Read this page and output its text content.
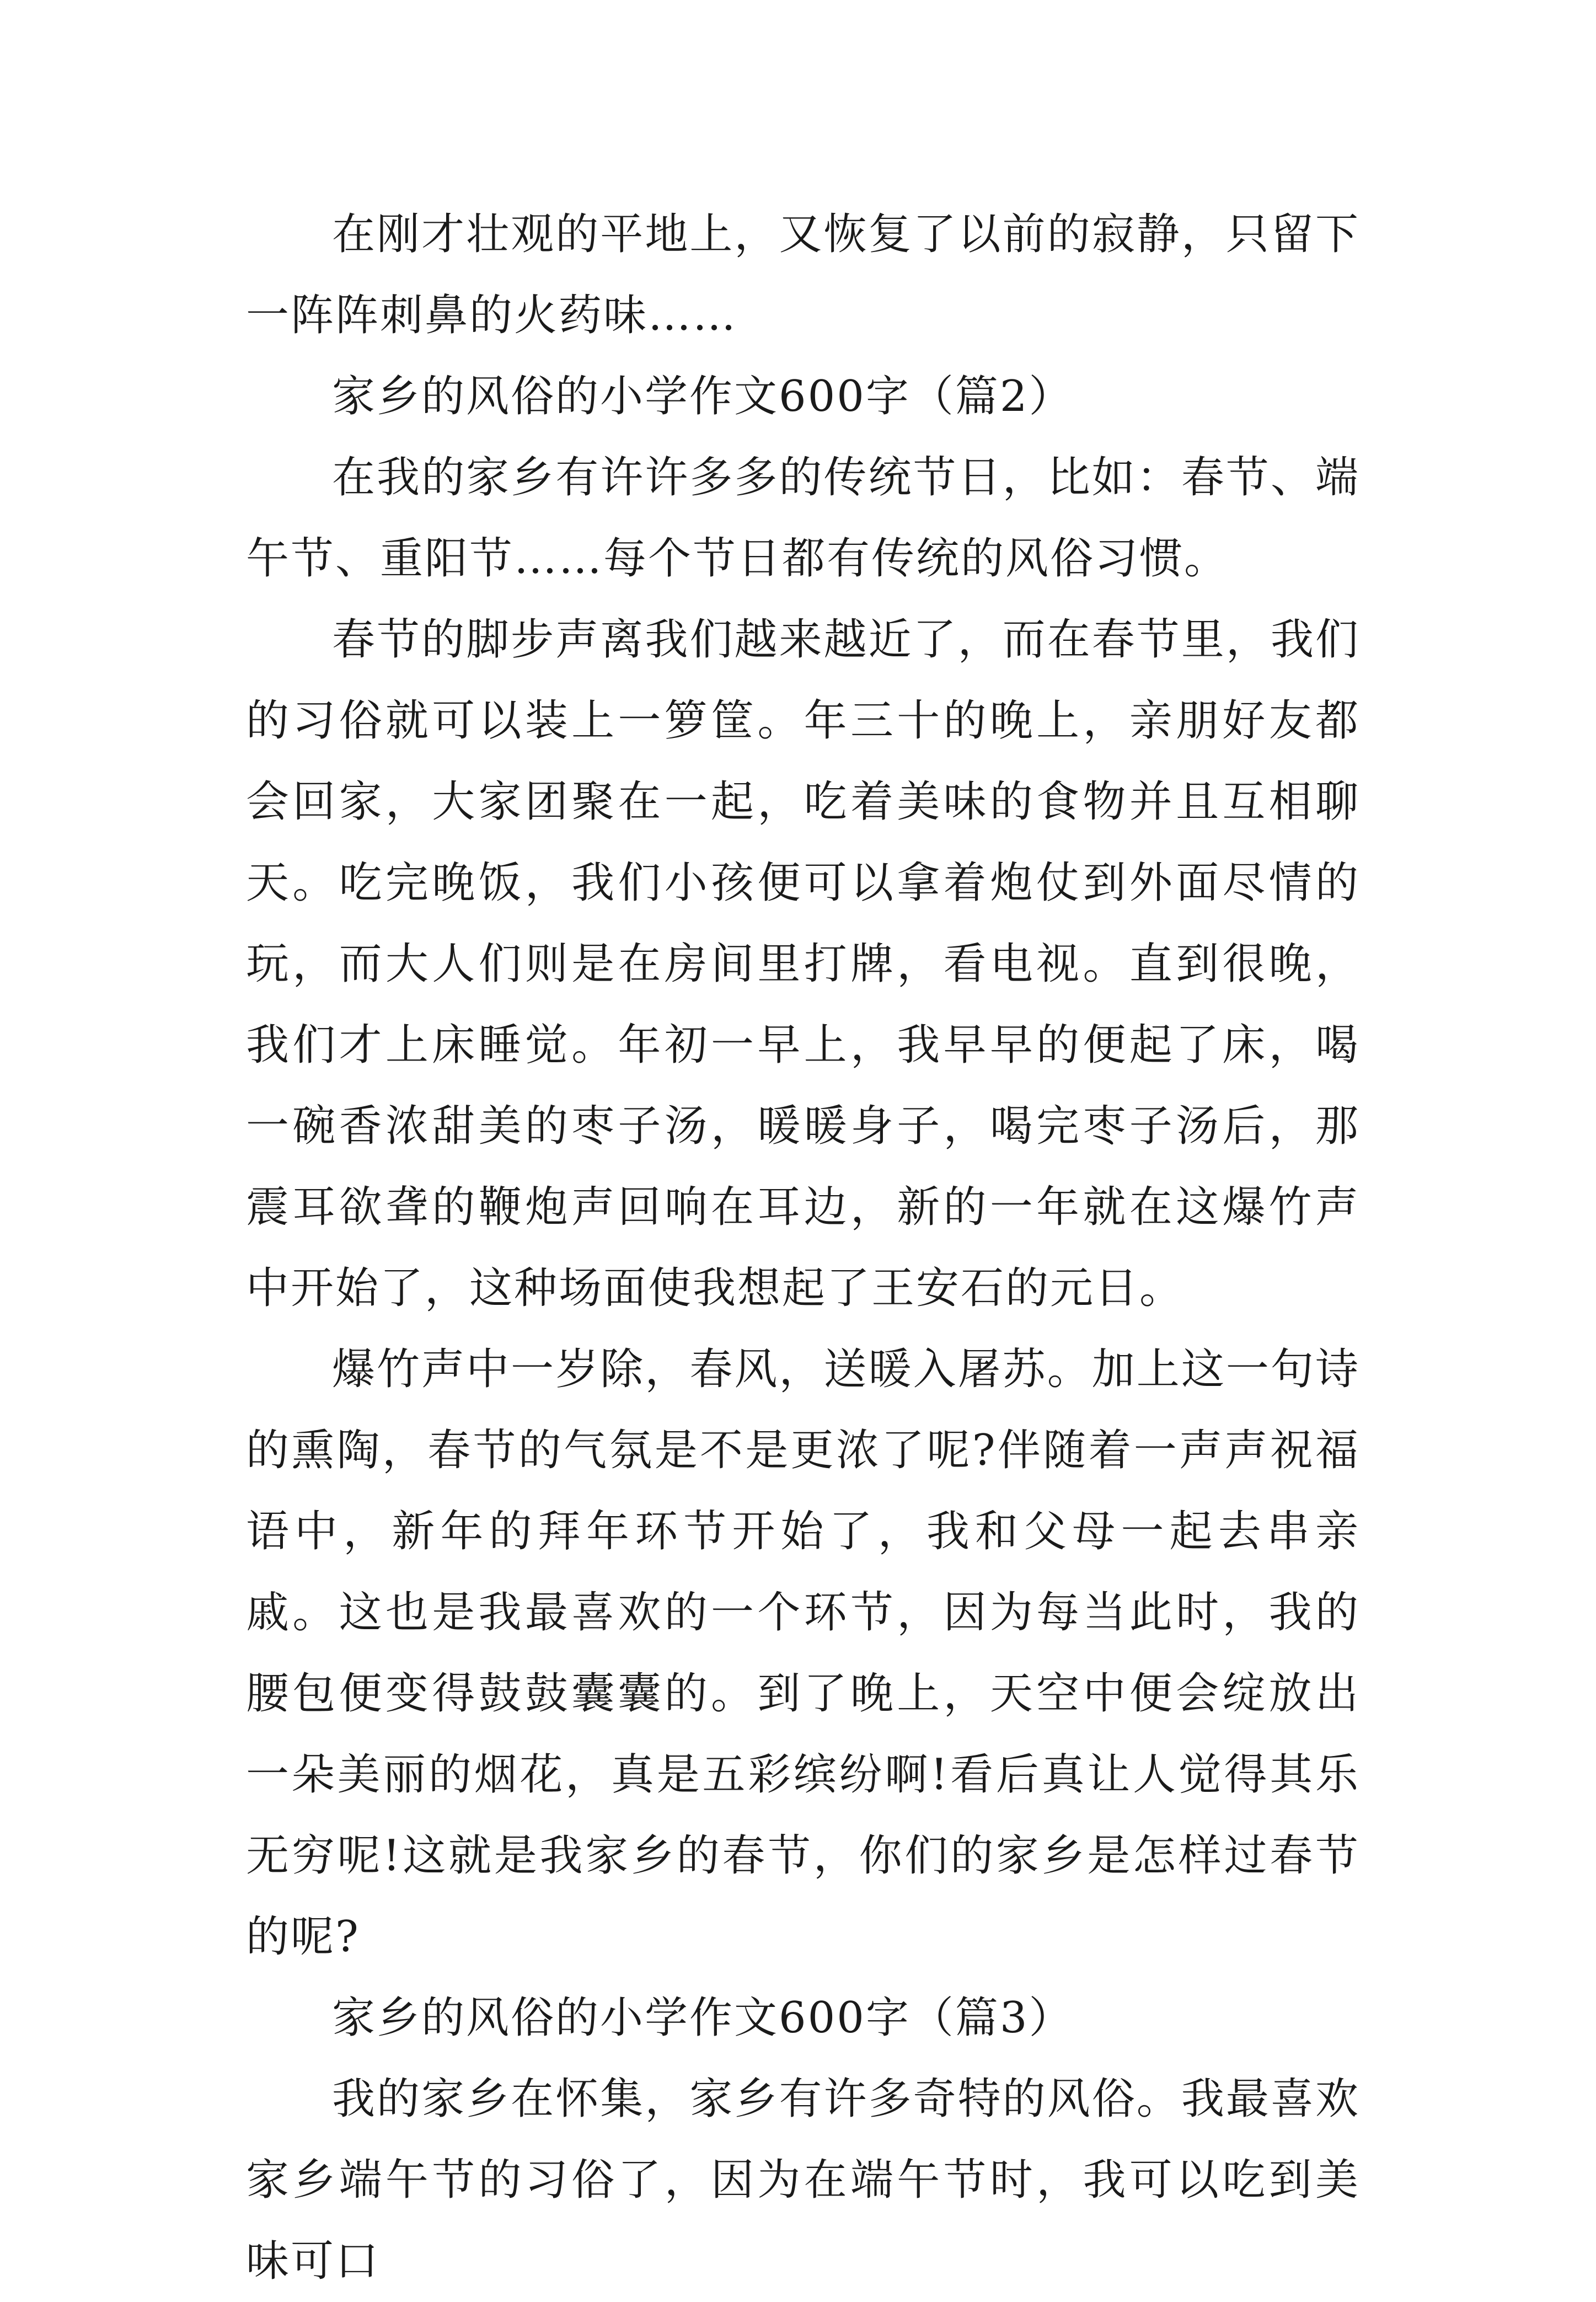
在刚才壮观的平地上，又恢复了以前的寂静，只留下一阵阵刺鼻的火药味……

家乡的风俗的小学作文600字（篇2）

在我的家乡有许许多多的传统节日，比如：春节、端午节、重阳节……每个节日都有传统的风俗习惯。

春节的脚步声离我们越来越近了，而在春节里，我们的习俗就可以装上一箩筐。年三十的晚上，亲朋好友都会回家，大家团聚在一起，吃着美味的食物并且互相聊天。吃完晚饭，我们小孩便可以拿着炮仗到外面尽情的玩，而大人们则是在房间里打牌，看电视。直到很晚，我们才上床睡觉。年初一早上，我早早的便起了床，喝一碗香浓甜美的枣子汤，暖暖身子，喝完枣子汤后，那震耳欲聋的鞭炮声回响在耳边，新的一年就在这爆竹声中开始了，这种场面使我想起了王安石的元日。

爆竹声中一岁除，春风，送暖入屠苏。加上这一句诗的熏陶，春节的气氛是不是更浓了呢?伴随着一声声祝福语中，新年的拜年环节开始了，我和父母一起去串亲戚。这也是我最喜欢的一个环节，因为每当此时，我的腰包便变得鼓鼓囊囊的。到了晚上，天空中便会绽放出一朵美丽的烟花，真是五彩缤纷啊!看后真让人觉得其乐无穷呢!这就是我家乡的春节，你们的家乡是怎样过春节的呢?

家乡的风俗的小学作文600字（篇3）

我的家乡在怀集，家乡有许多奇特的风俗。我最喜欢家乡端午节的习俗了，因为在端午节时，我可以吃到美味可口
